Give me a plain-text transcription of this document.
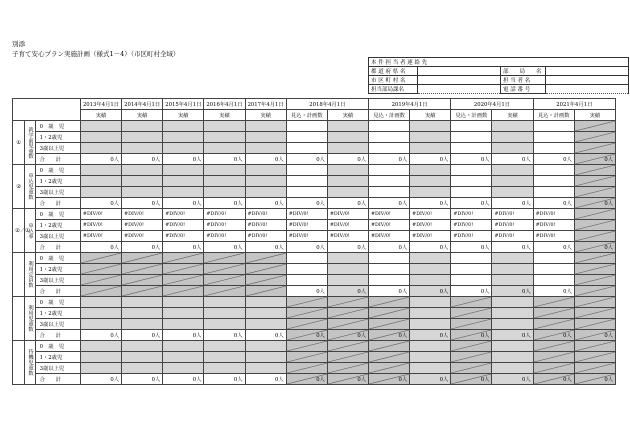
別添
子育て安心プラン実施計画（様式1－4）（市区町村全域）
本 件 担 当 者 連 絡 先			
都 道 府 県 名		部　　局　　名	
市 区 町 村 名		担 当 者 名	
担当部局課名		電 話 番 号	
			2013年4月1日	2014年4月1日	2015年4月1日	2016年4月1日	2017年4月1日	2018年4月1日		2019年4月1日		2020年4月1日		2021年4月1日	
			実績	実績	実績	実績	実績	見込・計画数	実績	見込・計画数	実績	見込・計画数	実績	見込・計画数	実績
①	就学前児童数	0　歳　児													

		1・2歳児													

		3歳以上児													

		合　　計	0人	0人	0人	0人	0人	0人	0人	0人	0人	0人	0人	0人	0人
②	申込児童数	0　歳　児													

		1・2歳児													

		3歳以上児													

		合　　計	0人	0人	0人	0人	0人	0人	0人	0人	0人	0人	0人	0人	0人
②／①	申込率	0　歳　児	#DIV/0!	#DIV/0!	#DIV/0!	#DIV/0!	#DIV/0!	#DIV/0!	#DIV/0!	#DIV/0!	#DIV/0!	#DIV/0!	#DIV/0!	#DIV/0!	

		1・2歳児	#DIV/0!	#DIV/0!	#DIV/0!	#DIV/0!	#DIV/0!	#DIV/0!	#DIV/0!	#DIV/0!	#DIV/0!	#DIV/0!	#DIV/0!	#DIV/0!	

		3歳以上児	#DIV/0!	#DIV/0!	#DIV/0!	#DIV/0!	#DIV/0!	#DIV/0!	#DIV/0!	#DIV/0!	#DIV/0!	#DIV/0!	#DIV/0!	#DIV/0!	

		合　　計	0人	0人	0人	0人	0人	0人	0人	0人	0人	0人	0人	0人	0人
	利用定員数	0　歳　児	

		1・2歳児	

		3歳以上児	

		合　　計						0人	0人	0人	0人	0人	0人	0人	

	利用児童数	0　歳　児						

		1・2歳児						

		3歳以上児						

		合　　計	0人	0人	0人	0人	0人	0人	0人	0人	0人	0人	0人	0人	0人
	待機児童数	0　歳　児						

		1・2歳児						

		3歳以上児						

		合　　計	0人	0人	0人	0人	0人	0人	0人	0人	0人	0人	0人	0人	0人
